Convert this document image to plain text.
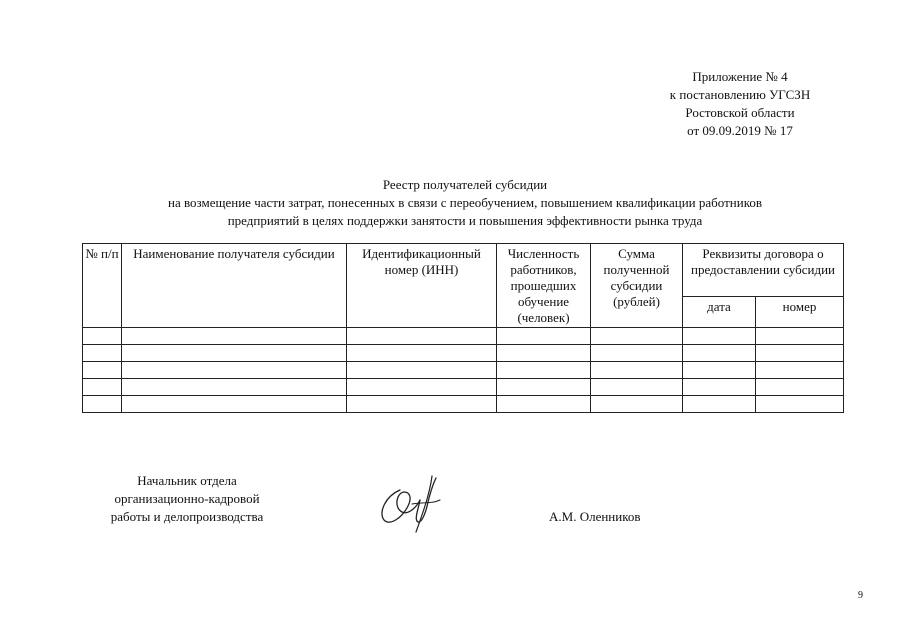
Приложение № 4
к постановлению УГСЗН
Ростовской области
от 09.09.2019 № 17
Реестр получателей субсидии
на возмещение части затрат, понесенных в связи с переобучением, повышением квалификации работников
предприятий в целях поддержки занятости и повышения эффективности рынка труда
№ п/п	Наименование получателя субсидии	Идентификационный номер (ИНН)	Численность работников, прошедших обучение (человек)	Сумма полученной субсидии (рублей)	Реквизиты договора о предоставлении субсидии	
					дата	номер

Начальник отдела
организационно-кадровой
работы и делопроизводства	А.М. Оленников
9
